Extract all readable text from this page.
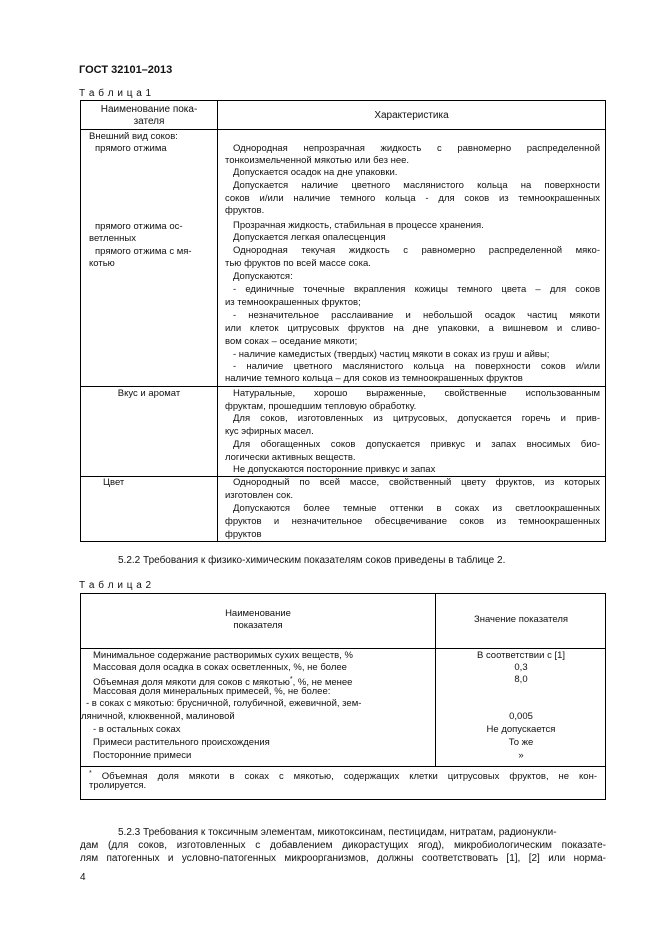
ГОСТ 32101–2013
Т а б л и ц а 1
Наименование пока-
зателя
Характеристика
Внешний вид соков:
прямого отжима
прямого отжима ос-
ветленных
прямого отжима с мя-
котью
Вкус и аромат
Цвет
Однородная непрозрачная жидкость с равномерно распределенной
тонкоизмельченной мякотью или без нее.
Допускается осадок на дне упаковки.
Допускается наличие цветного маслянистого кольца на поверхности
соков и/или наличие темного кольца - для соков из темноокрашенных
фруктов.
Прозрачная жидкость, стабильная в процессе хранения.
Допускается легкая опалесценция
Однородная текучая жидкость с равномерно распределенной мяко-
тью фруктов по всей массе сока.
Допускаются:
- единичные точечные вкрапления кожицы темного цвета – для соков
из темноокрашенных фруктов;
- незначительное расслаивание и небольшой осадок частиц мякоти
или клеток цитрусовых фруктов на дне упаковки, а вишневом и сливо-
вом соках – оседание мякоти;
- наличие камедистых (твердых) частиц мякоти в соках из груш и айвы;
- наличие цветного маслянистого кольца на поверхности соков и/или
наличие темного кольца – для соков из темноокрашенных фруктов
Натуральные, хорошо выраженные, свойственные использованным
фруктам, прошедшим тепловую обработку.
Для соков, изготовленных из цитрусовых, допускается горечь и прив-
кус эфирных масел.
Для обогащенных соков допускается привкус и запах вносимых био-
логически активных веществ.
Не допускаются посторонние привкус и запах
Однородный по всей массе, свойственный цвету фруктов, из которых
изготовлен сок.
Допускаются более темные оттенки в соках из светлоокрашенных
фруктов и незначительное обесцвечивание соков из темноокрашенных
фруктов
5.2.2 Требования к физико-химическим показателям соков приведены в таблице 2.
Т а б л и ц а 2
Наименование
показателя
Значение показателя
Минимальное содержание растворимых сухих веществ, %
Массовая доля осадка в соках осветленных, %, не более
Объемная доля мякоти для соков с мякотью*, %, не менее
Массовая доля минеральных примесей, %, не более:
- в соках с мякотью: брусничной, голубичной, ежевичной, зем-
ляничной, клюквенной, малиновой
- в остальных соках
Примеси растительного происхождения
Посторонние примеси
В соответствии с [1]
0,3
8,0
0,005
Не допускается
То же
»
* Объемная доля мякоти в соках с мякотью, содержащих клетки цитрусовых фруктов, не кон-
тролируется.
5.2.3 Требования к токсичным элементам, микотоксинам, пестицидам, нитратам, радионукли-
дам (для соков, изготовленных с добавлением дикорастущих ягод), микробиологическим показате-
лям патогенных и условно-патогенных микроорганизмов, должны соответствовать [1], [2] или норма-
4
